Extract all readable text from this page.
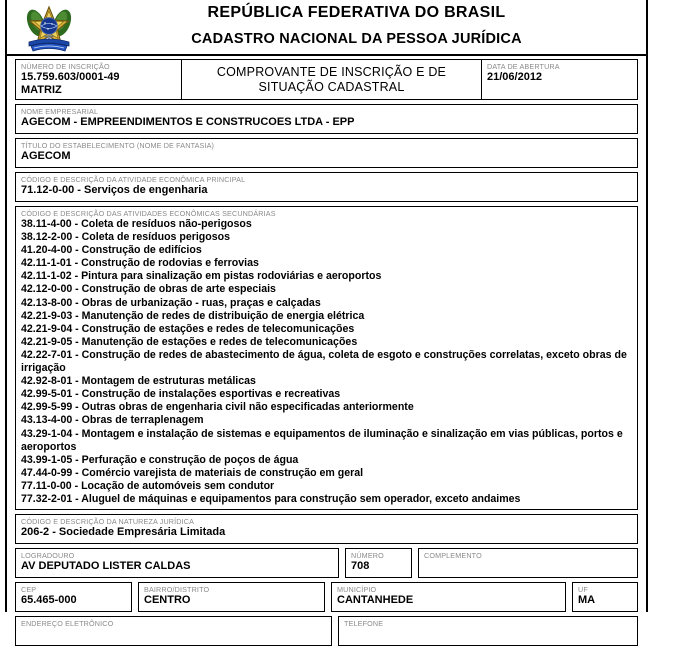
REPÚBLICA FEDERATIVA DO BRASIL
CADASTRO NACIONAL DA PESSOA JURÍDICA
NÚMERO DE INSCRIÇÃO
15.759.603/0001-49
MATRIZ
COMPROVANTE DE INSCRIÇÃO E DE
SITUAÇÃO CADASTRAL
DATA DE ABERTURA
21/06/2012
NOME EMPRESARIAL
AGECOM - EMPREENDIMENTOS E CONSTRUCOES LTDA - EPP
TÍTULO DO ESTABELECIMENTO (NOME DE FANTASIA)
AGECOM
CÓDIGO E DESCRIÇÃO DA ATIVIDADE ECONÔMICA PRINCIPAL
71.12-0-00 - Serviços de engenharia
CÓDIGO E DESCRIÇÃO DAS ATIVIDADES ECONÔMICAS SECUNDÁRIAS
38.11-4-00 - Coleta de resíduos não-perigosos
38.12-2-00 - Coleta de resíduos perigosos
41.20-4-00 - Construção de edifícios
42.11-1-01 - Construção de rodovias e ferrovias
42.11-1-02 - Pintura para sinalização em pistas rodoviárias e aeroportos
42.12-0-00 - Construção de obras de arte especiais
42.13-8-00 - Obras de urbanização - ruas, praças e calçadas
42.21-9-03 - Manutenção de redes de distribuição de energia elétrica
42.21-9-04 - Construção de estações e redes de telecomunicações
42.21-9-05 - Manutenção de estações e redes de telecomunicações
42.22-7-01 - Construção de redes de abastecimento de água, coleta de esgoto e construções correlatas, exceto obras de irrigação
42.92-8-01 - Montagem de estruturas metálicas
42.99-5-01 - Construção de instalações esportivas e recreativas
42.99-5-99 - Outras obras de engenharia civil não especificadas anteriormente
43.13-4-00 - Obras de terraplenagem
43.29-1-04 - Montagem e instalação de sistemas e equipamentos de iluminação e sinalização em vias públicas, portos e aeroportos
43.99-1-05 - Perfuração e construção de poços de água
47.44-0-99 - Comércio varejista de materiais de construção em geral
77.11-0-00 - Locação de automóveis sem condutor
77.32-2-01 - Aluguel de máquinas e equipamentos para construção sem operador, exceto andaimes
CÓDIGO E DESCRIÇÃO DA NATUREZA JURÍDICA
206-2 - Sociedade Empresária Limitada
LOGRADOURO
AV DEPUTADO LISTER CALDAS
NÚMERO
708
COMPLEMENTO
CEP
65.465-000
BAIRRO/DISTRITO
CENTRO
MUNICÍPIO
CANTANHEDE
UF
MA
ENDEREÇO ELETRÔNICO	TELEFONE
